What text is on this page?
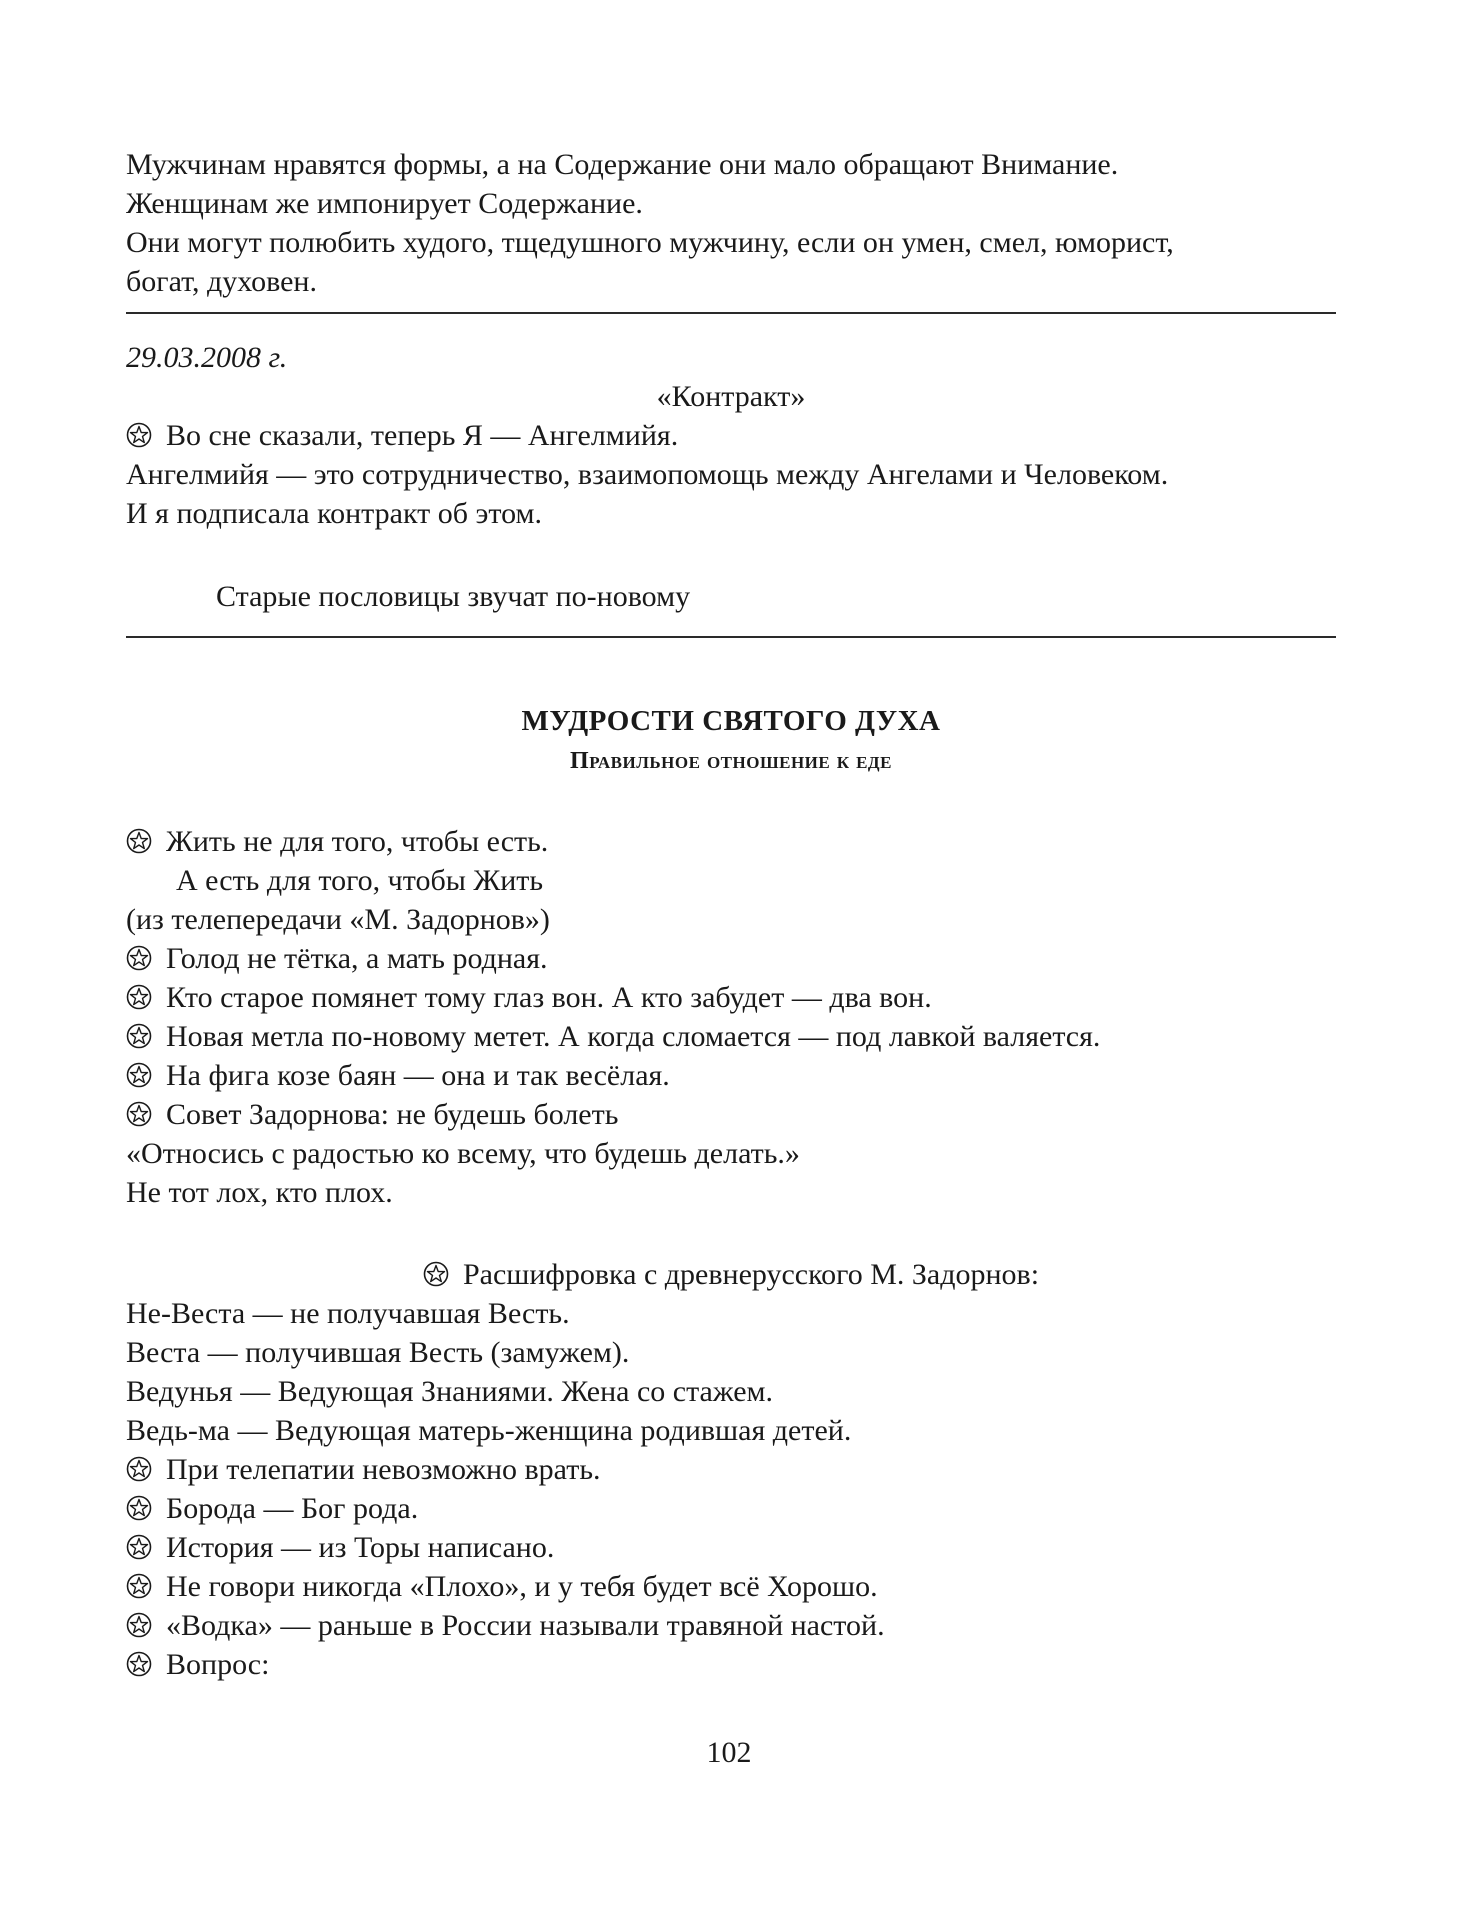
Мужчинам нравятся формы, а на Содержание они мало обращают Внимание.
Женщинам же импонирует Содержание.
Они могут полюбить худого, тщедушного мужчину, если он умен, смел, юморист,
богат, духовен.
29.03.2008 г.
«Контракт»
Во сне сказали, теперь Я — Ангелмийя.
Ангелмийя — это сотрудничество, взаимопомощь между Ангелами и Человеком.
И я подписала контракт об этом.
Старые пословицы звучат по-новому
МУДРОСТИ СВЯТОГО ДУХА
Правильное отношение к еде
Жить не для того, чтобы есть.
А есть для того, чтобы Жить
(из телепередачи «М. Задорнов»)
Голод не тётка, а мать родная.
Кто старое помянет тому глаз вон. А кто забудет — два вон.
Новая метла по-новому метет. А когда сломается — под лавкой валяется.
На фига козе баян — она и так весёлая.
Совет Задорнова: не будешь болеть
«Относись с радостью ко всему, что будешь делать.»
Не тот лох, кто плох.
Расшифровка с древнерусского М. Задорнов:
Не-Веста — не получавшая Весть.
Веста — получившая Весть (замужем).
Ведунья — Ведующая Знаниями. Жена со стажем.
Ведь-ма — Ведующая матерь-женщина родившая детей.
При телепатии невозможно врать.
Борода — Бог рода.
История — из Торы написано.
Не говори никогда «Плохо», и у тебя будет всё Хорошо.
«Водка» — раньше в России называли травяной настой.
Вопрос:
102
